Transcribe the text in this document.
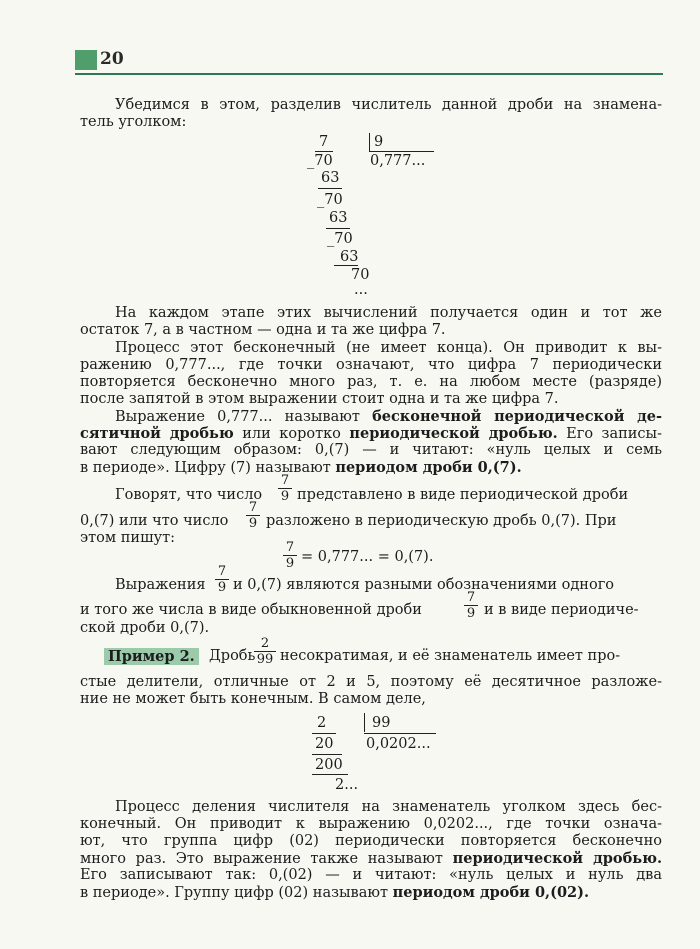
20
Убедимся в этом, разделив числитель данной дроби на знамена-
тель уголком:
7	9
_70	0,777...
63
_70
63
_70
63
70
...
На каждом этапе этих вычислений получается один и тот же
остаток 7, а в частном — одна и та же цифра 7.
Процесс этот бесконечный (не имеет конца). Он приводит к вы-
ражению 0,777..., где точки означают, что цифра 7 периодически
повторяется бесконечно много раз, т. е. на любом месте (разряде)
после запятой в этом выражении стоит одна и та же цифра 7.
Выражение 0,777... называют бесконечной периодической де-
сятичной дробью или коротко периодической дробью. Его записы-
вают следующим образом: 0,(7) — и читают: «нуль целых и семь
в периоде». Цифру (7) называют периодом дроби 0,(7).
Говорят, что число $\frac{7}{9}$ представлено в виде периодической дроби
0,(7) или что число $\frac{7}{9}$ разложено в периодическую дробь 0,(7). При
этом пишут:
$\frac{7}{9} = 0,777$... = 0,(7).
Выражения $\frac{7}{9}$ и 0,(7) являются разными обозначениями одного
и того же числа в виде обыкновенной дроби	$\frac{7}{9}$ и в виде периодиче-
ской дроби 0,(7).
Пример 2. Дробь
$\frac{2}{99}$ несократимая, и её знаменатель имеет про-
стые делители, отличные от 2 и 5, поэтому её десятичное разложе-
ние не может быть конечным. В самом деле,
2	99
20 0,0202...
200
2...
Процесс деления числителя на знаменатель уголком здесь бес-
конечный. Он приводит к выражению 0,0202..., где точки означа-
ют, что группа цифр (02) периодически повторяется бесконечно
много раз. Это выражение также называют периодической дробью.
Его записывают так: 0,(02) — и читают: «нуль целых и нуль два
в периоде». Группу цифр (02) называют периодом дроби 0,(02).
